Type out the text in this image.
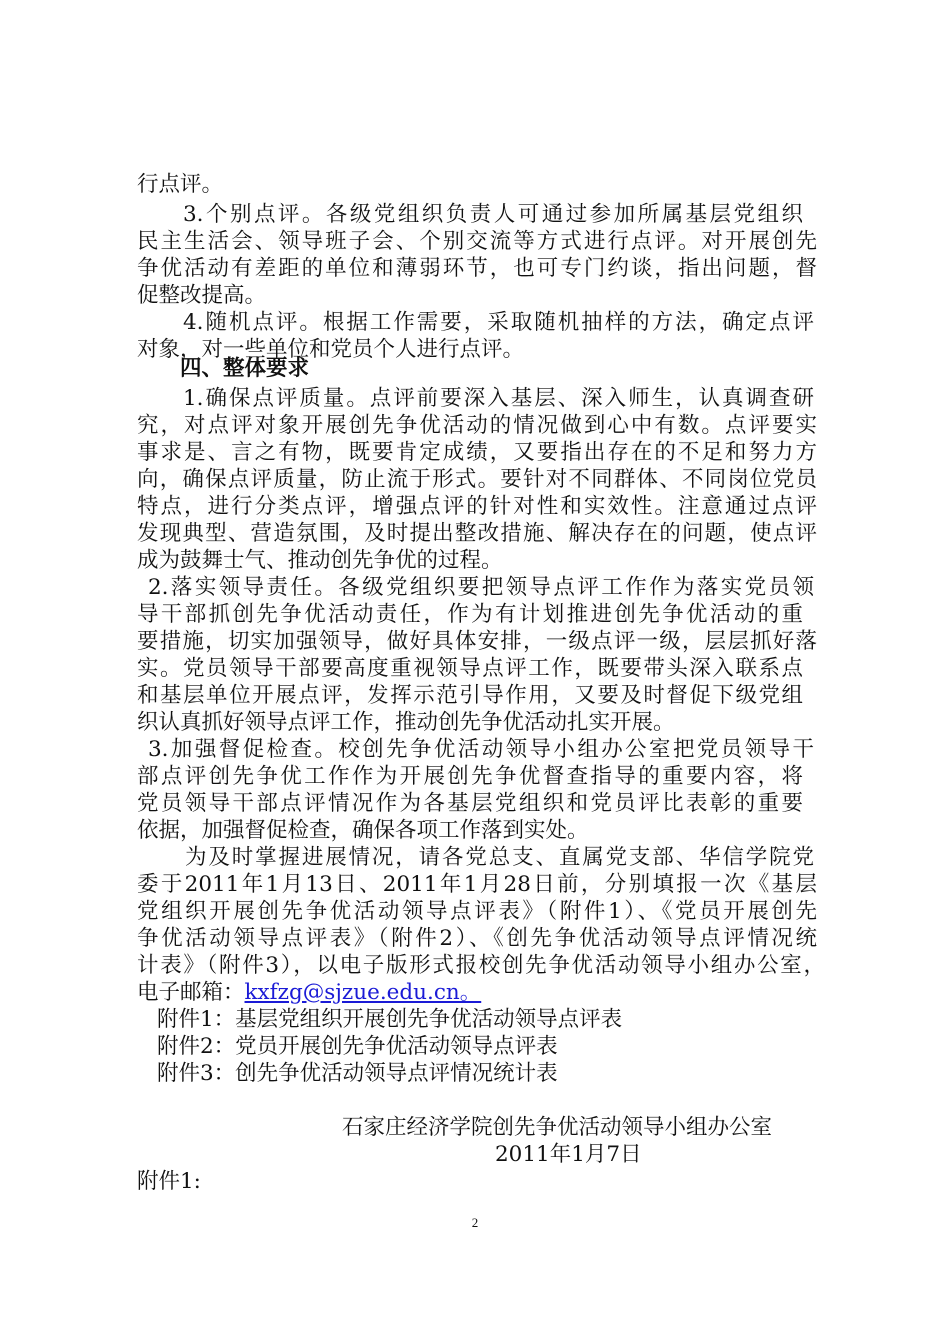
行点评。
3.个别点评。各级党组织负责人可通过参加所属基层党组织
民主生活会、领导班子会、个别交流等方式进行点评。对开展创先
争优活动有差距的单位和薄弱环节，也可专门约谈，指出问题，督
促整改提高。
4.随机点评。根据工作需要，采取随机抽样的方法，确定点评
对象，对一些单位和党员个人进行点评。
四、整体要求
1.确保点评质量。点评前要深入基层、深入师生，认真调查研
究，对点评对象开展创先争优活动的情况做到心中有数。点评要实
事求是、言之有物，既要肯定成绩，又要指出存在的不足和努力方
向，确保点评质量，防止流于形式。要针对不同群体、不同岗位党员
特点，进行分类点评，增强点评的针对性和实效性。注意通过点评
发现典型、营造氛围，及时提出整改措施、解决存在的问题，使点评
成为鼓舞士气、推动创先争优的过程。
2.落实领导责任。各级党组织要把领导点评工作作为落实党员领
导干部抓创先争优活动责任，作为有计划推进创先争优活动的重
要措施，切实加强领导，做好具体安排，一级点评一级，层层抓好落
实。党员领导干部要高度重视领导点评工作，既要带头深入联系点
和基层单位开展点评，发挥示范引导作用，又要及时督促下级党组
织认真抓好领导点评工作，推动创先争优活动扎实开展。
3.加强督促检查。校创先争优活动领导小组办公室把党员领导干
部点评创先争优工作作为开展创先争优督查指导的重要内容，将
党员领导干部点评情况作为各基层党组织和党员评比表彰的重要
依据，加强督促检查，确保各项工作落到实处。
为及时掌握进展情况，请各党总支、直属党支部、华信学院党
委于2011年1月13日、2011年1月28日前，分别填报一次《基层
党组织开展创先争优活动领导点评表》（附件1）、《党员开展创先
争优活动领导点评表》（附件2）、《创先争优活动领导点评情况统
计表》（附件3），以电子版形式报校创先争优活动领导小组办公室，
电子邮箱：kxfzg@sjzue.edu.cn。
附件1：基层党组织开展创先争优活动领导点评表
附件2：党员开展创先争优活动领导点评表
附件3：创先争优活动领导点评情况统计表
石家庄经济学院创先争优活动领导小组办公室
2011年1月7日
附件1:
2
